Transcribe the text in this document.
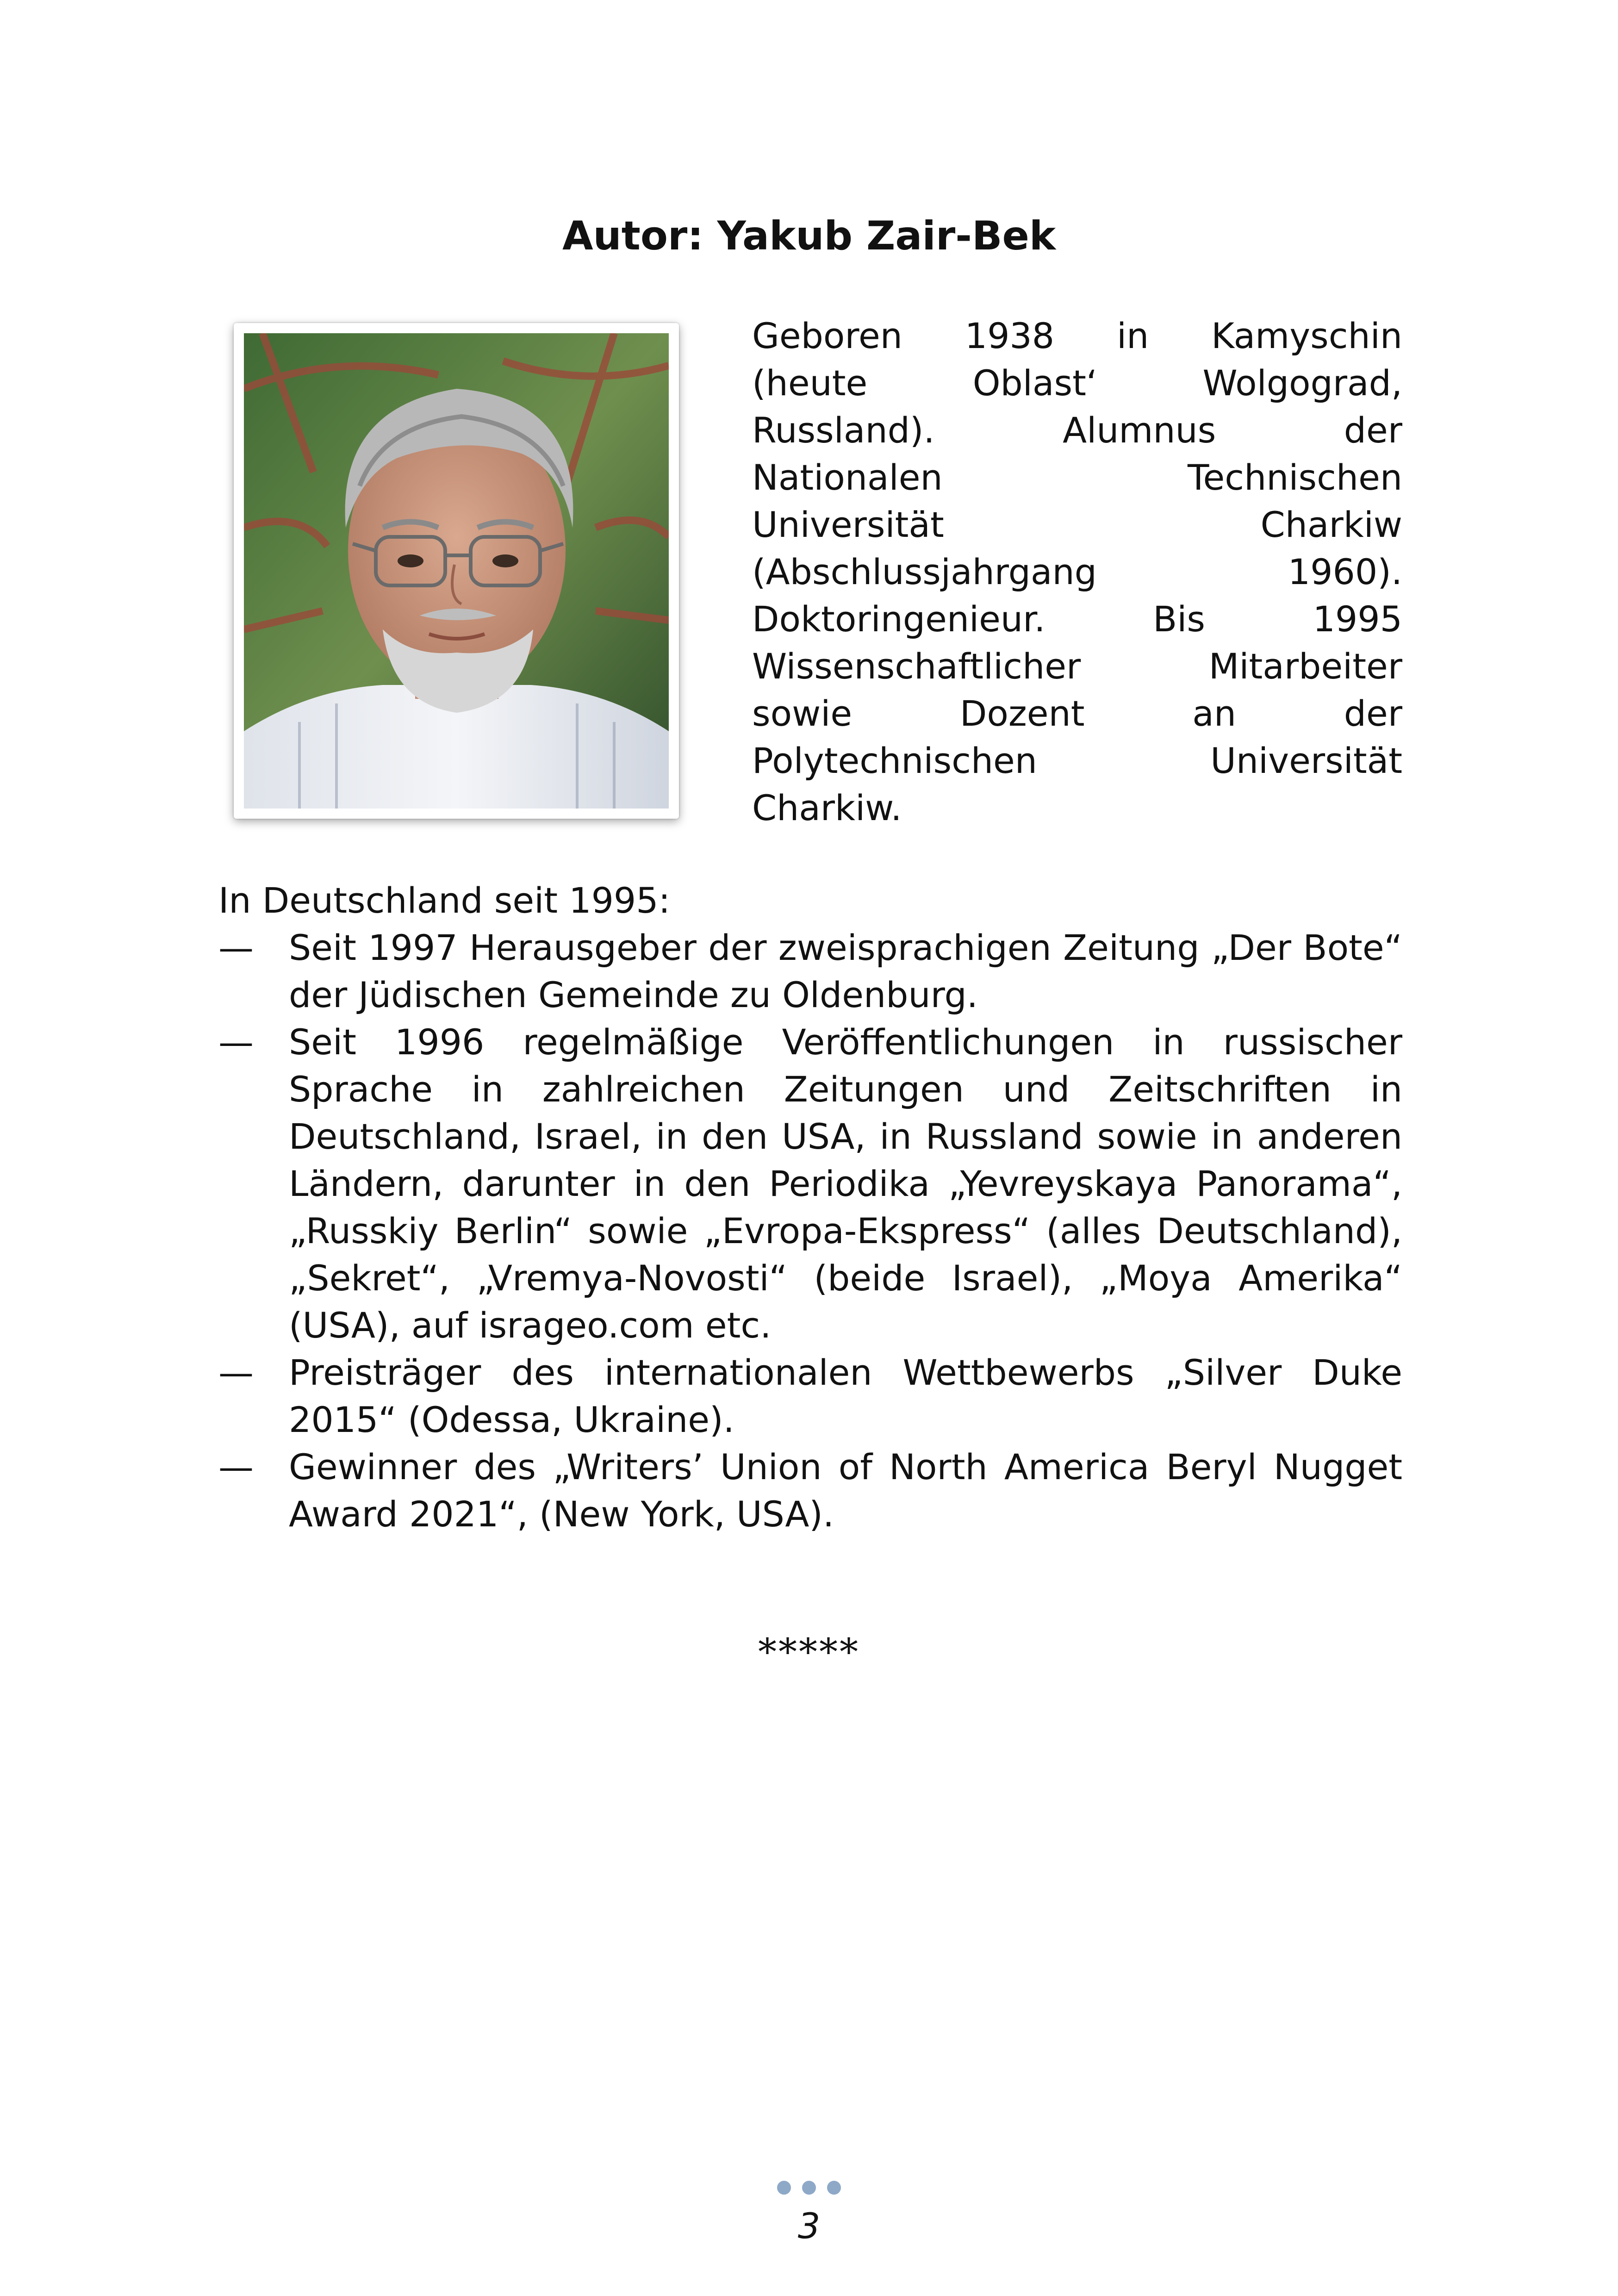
Autor: Yakub Zair-Bek
Geboren 1938 in Kamyschin
(heute Oblast‘ Wolgograd,
Russland). Alumnus der
Nationalen Technischen
Universität Charkiw
(Abschlussjahrgang 1960).
Doktoringenieur. Bis 1995
Wissenschaftlicher Mitarbeiter
sowie Dozent an der
Polytechnischen Universität
Charkiw.

In Deutschland seit 1995:

— Seit 1997 Herausgeber der zweisprachigen Zeitung „Der Bote“ der Jüdischen Gemeinde zu Oldenburg.
— Seit 1996 regelmäßige Veröffentlichungen in russischer Sprache in zahlreichen Zeitungen und Zeitschriften in Deutschland, Israel, in den USA, in Russland sowie in anderen Ländern, darunter in den Periodika „Yevreyskaya Panorama“, „Russkiy Berlin“ sowie „Evropa-Ekspress“ (alles Deutschland), „Sekret“, „Vremya-Novosti“ (beide Israel), „Moya Amerika“ (USA), auf isrageo.com etc.
— Preisträger des internationalen Wettbewerbs „Silver Duke 2015“ (Odessa, Ukraine).
— Gewinner des „Writers’ Union of North America Beryl Nugget Award 2021“, (New York, USA).
*****
3
